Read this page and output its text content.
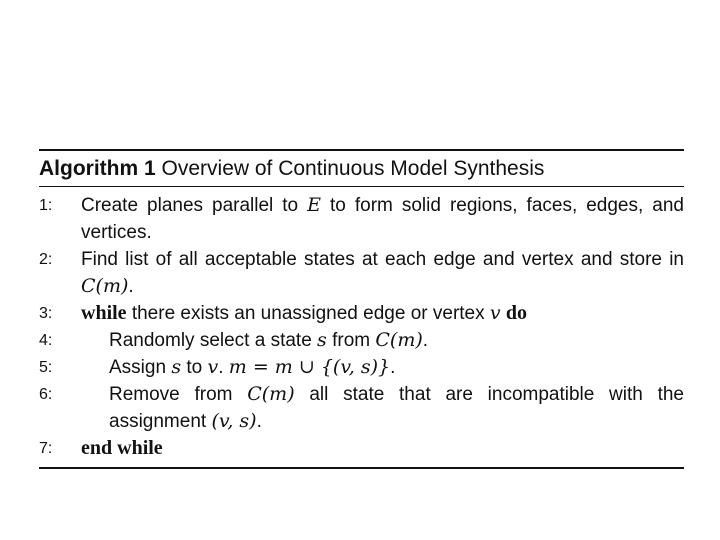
Algorithm 1 Overview of Continuous Model Synthesis
1:	Create planes parallel to E to form solid regions, faces, edges, and vertices.
2:	Find list of all acceptable states at each edge and vertex and store in C(m).
3:	while there exists an unassigned edge or vertex v do
4:	Randomly select a state s from C(m).
5:	Assign s to v. m = m ∪ {(v, s)}.
6:	Remove from C(m) all state that are incompatible with the assignment (v, s).
7:	end while
